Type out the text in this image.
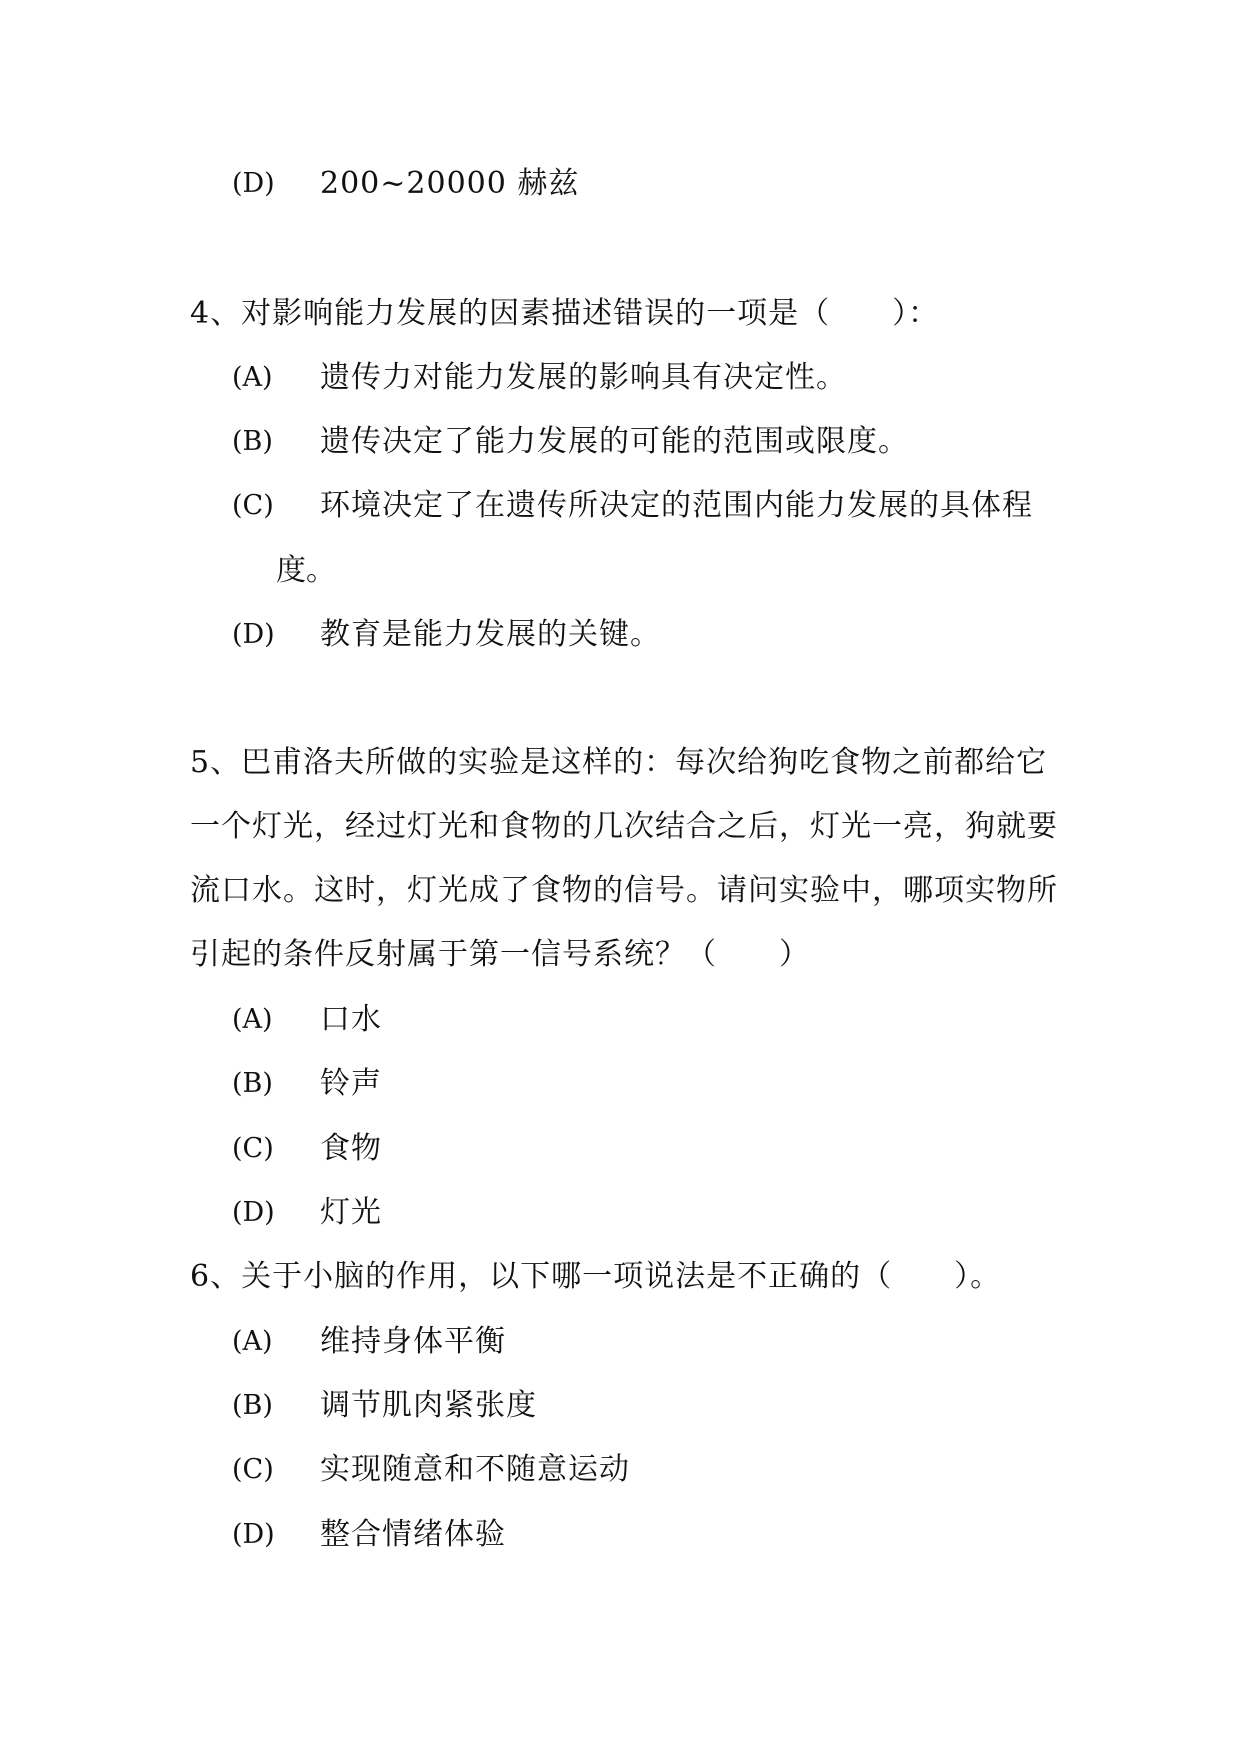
(D) 200~20000 赫兹
4、对影响能力发展的因素描述错误的一项是（　　）：
(A) 遗传力对能力发展的影响具有决定性。
(B) 遗传决定了能力发展的可能的范围或限度。
(C) 环境决定了在遗传所决定的范围内能力发展的具体程
度。
(D) 教育是能力发展的关键。
5、巴甫洛夫所做的实验是这样的：每次给狗吃食物之前都给它
一个灯光，经过灯光和食物的几次结合之后，灯光一亮，狗就要
流口水。这时，灯光成了食物的信号。请问实验中，哪项实物所
引起的条件反射属于第一信号系统？（　　）
(A) 口水
(B) 铃声
(C) 食物
(D) 灯光
6、关于小脑的作用，以下哪一项说法是不正确的（　　）。
(A) 维持身体平衡
(B) 调节肌肉紧张度
(C) 实现随意和不随意运动
(D) 整合情绪体验
